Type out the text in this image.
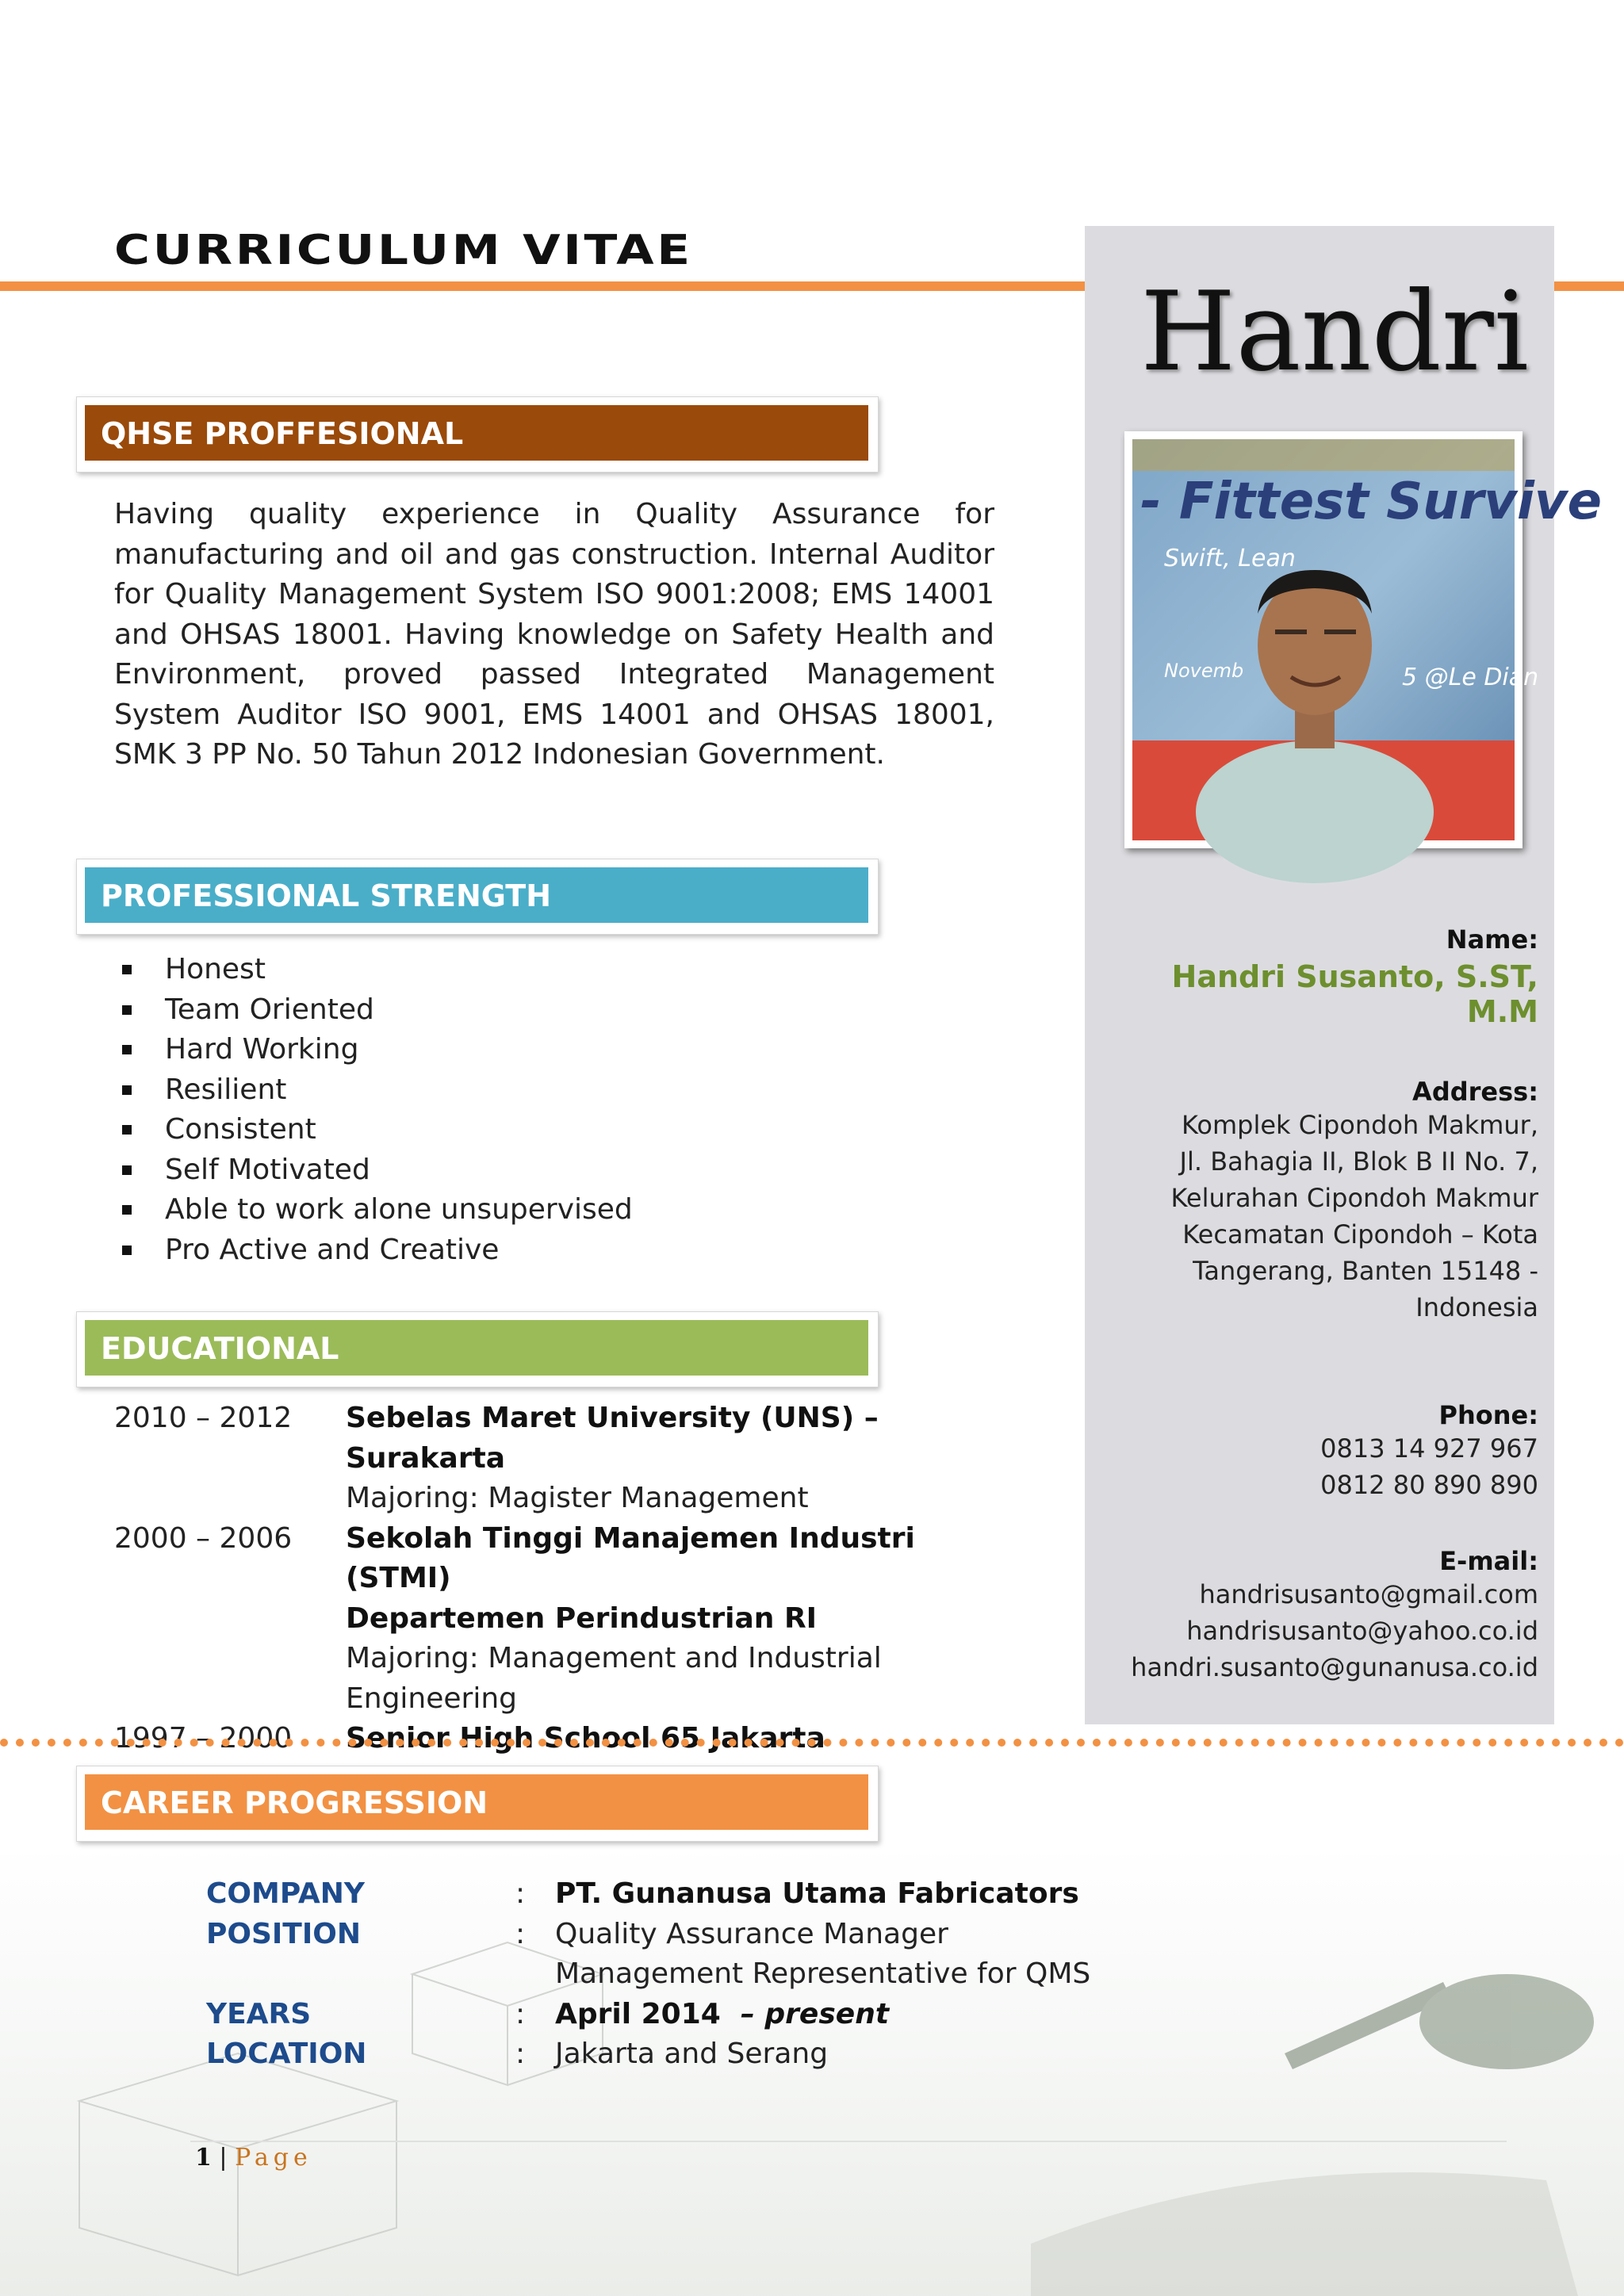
CURRICULUM VITAE
Handri
- Fittest Survive
Swift, Lean
Novemb	5 @Le Dian
Name:
Handri Susanto, S.ST, M.M
Address:
Komplek Cipondoh Makmur,
Jl. Bahagia II, Blok B II No. 7,
Kelurahan Cipondoh Makmur
Kecamatan Cipondoh – Kota
Tangerang, Banten 15148 -
Indonesia
Phone:
0813 14 927 967
0812 80 890 890
E-mail:
handrisusanto@gmail.com
handrisusanto@yahoo.co.id
handri.susanto@gunanusa.co.id
QHSE PROFFESIONAL

Having quality experience in Quality Assurance for manufacturing and oil and gas construction. Internal Auditor for Quality Management System ISO 9001:2008; EMS 14001 and OHSAS 18001. Having knowledge on Safety Health and Environment, proved passed Integrated Management System Auditor ISO 9001, EMS 14001 and OHSAS 18001, SMK 3 PP No. 50 Tahun 2012 Indonesian Government.

PROFESSIONAL STRENGTH
Honest
Team Oriented
Hard Working
Resilient
Consistent
Self Motivated
Able to work alone unsupervised
Pro Active and Creative
EDUCATIONAL
2010 – 2012	Sebelas Maret University (UNS) – Surakarta
Majoring: Magister Management
2000 – 2006	Sekolah Tinggi Manajemen Industri (STMI)
Departemen Perindustrian RI
Majoring: Management and Industrial Engineering
1997 – 2000	Senior High School 65 Jakarta
CAREER PROGRESSION
COMPANY	:	PT. Gunanusa Utama Fabricators
POSITION	:	Quality Assurance Manager
Management Representative for QMS
YEARS	:	April 2014 – present
LOCATION	:	Jakarta and Serang
1 | Page
